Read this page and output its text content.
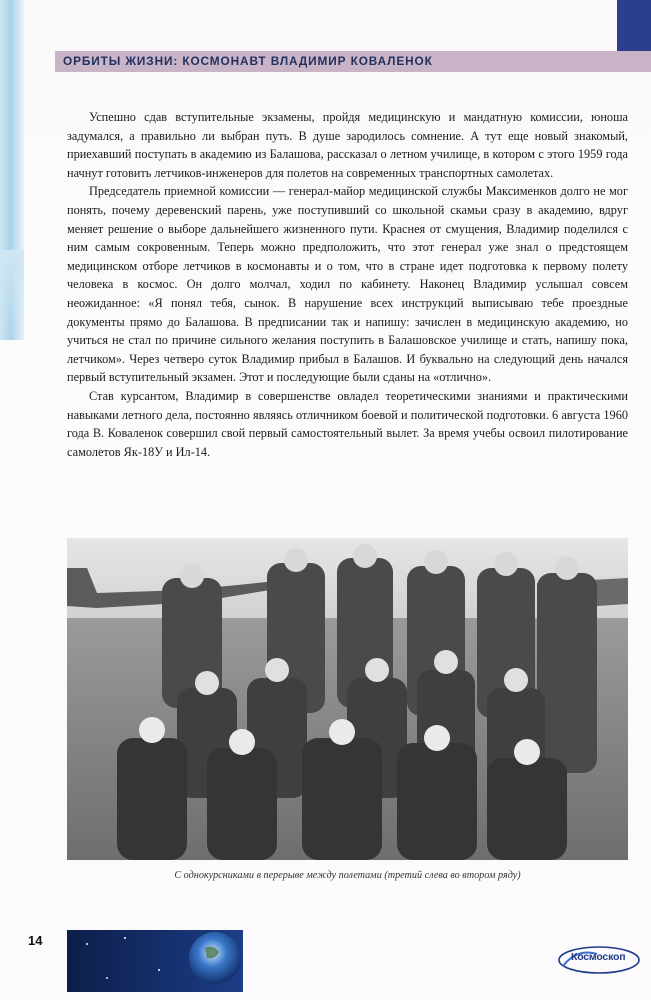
ОРБИТЫ ЖИЗНИ: КОСМОНАВТ ВЛАДИМИР КОВАЛЕНОК

Успешно сдав вступительные экзамены, пройдя медицинскую и мандатную комиссии, юноша задумался, а правильно ли выбран путь. В душе зародилось сомнение. А тут еще новый знакомый, приехавший поступать в академию из Балашова, рассказал о летном училище, в котором с этого 1959 года начнут готовить летчиков-инженеров для полетов на современных транспортных самолетах.

Председатель приемной комиссии — генерал-майор медицинской службы Максименков долго не мог понять, почему деревенский парень, уже поступивший со школьной скамьи сразу в академию, вдруг меняет решение о выборе дальнейшего жизненного пути. Краснея от смущения, Владимир поделился с ним самым сокровенным. Теперь можно предположить, что этот генерал уже знал о предстоящем медицинском отборе летчиков в космонавты и о том, что в стране идет подготовка к первому полету человека в космос. Он долго молчал, ходил по кабинету. Наконец Владимир услышал совсем неожиданное: «Я понял тебя, сынок. В нарушение всех инструкций выписываю тебе проездные документы прямо до Балашова. В предписании так и напишу: зачислен в медицинскую академию, но учиться не стал по причине сильного желания поступить в Балашовское училище и стать, напишу пока, летчиком». Через четверо суток Владимир прибыл в Балашов. И буквально на следующий день начался первый вступительный экзамен. Этот и последующие были сданы на «отлично».

Став курсантом, Владимир в совершенстве овладел теоретическими знаниями и практическими навыками летного дела, постоянно являясь отличником боевой и политической подготовки. 6 августа 1960 года В. Коваленок совершил свой первый самостоятельный вылет. За время учебы освоил пилотирование самолетов Як-18У и Ил-14.

С однокурсниками в перерыве между полетами (третий слева во втором ряду)
14
Космоскоп
